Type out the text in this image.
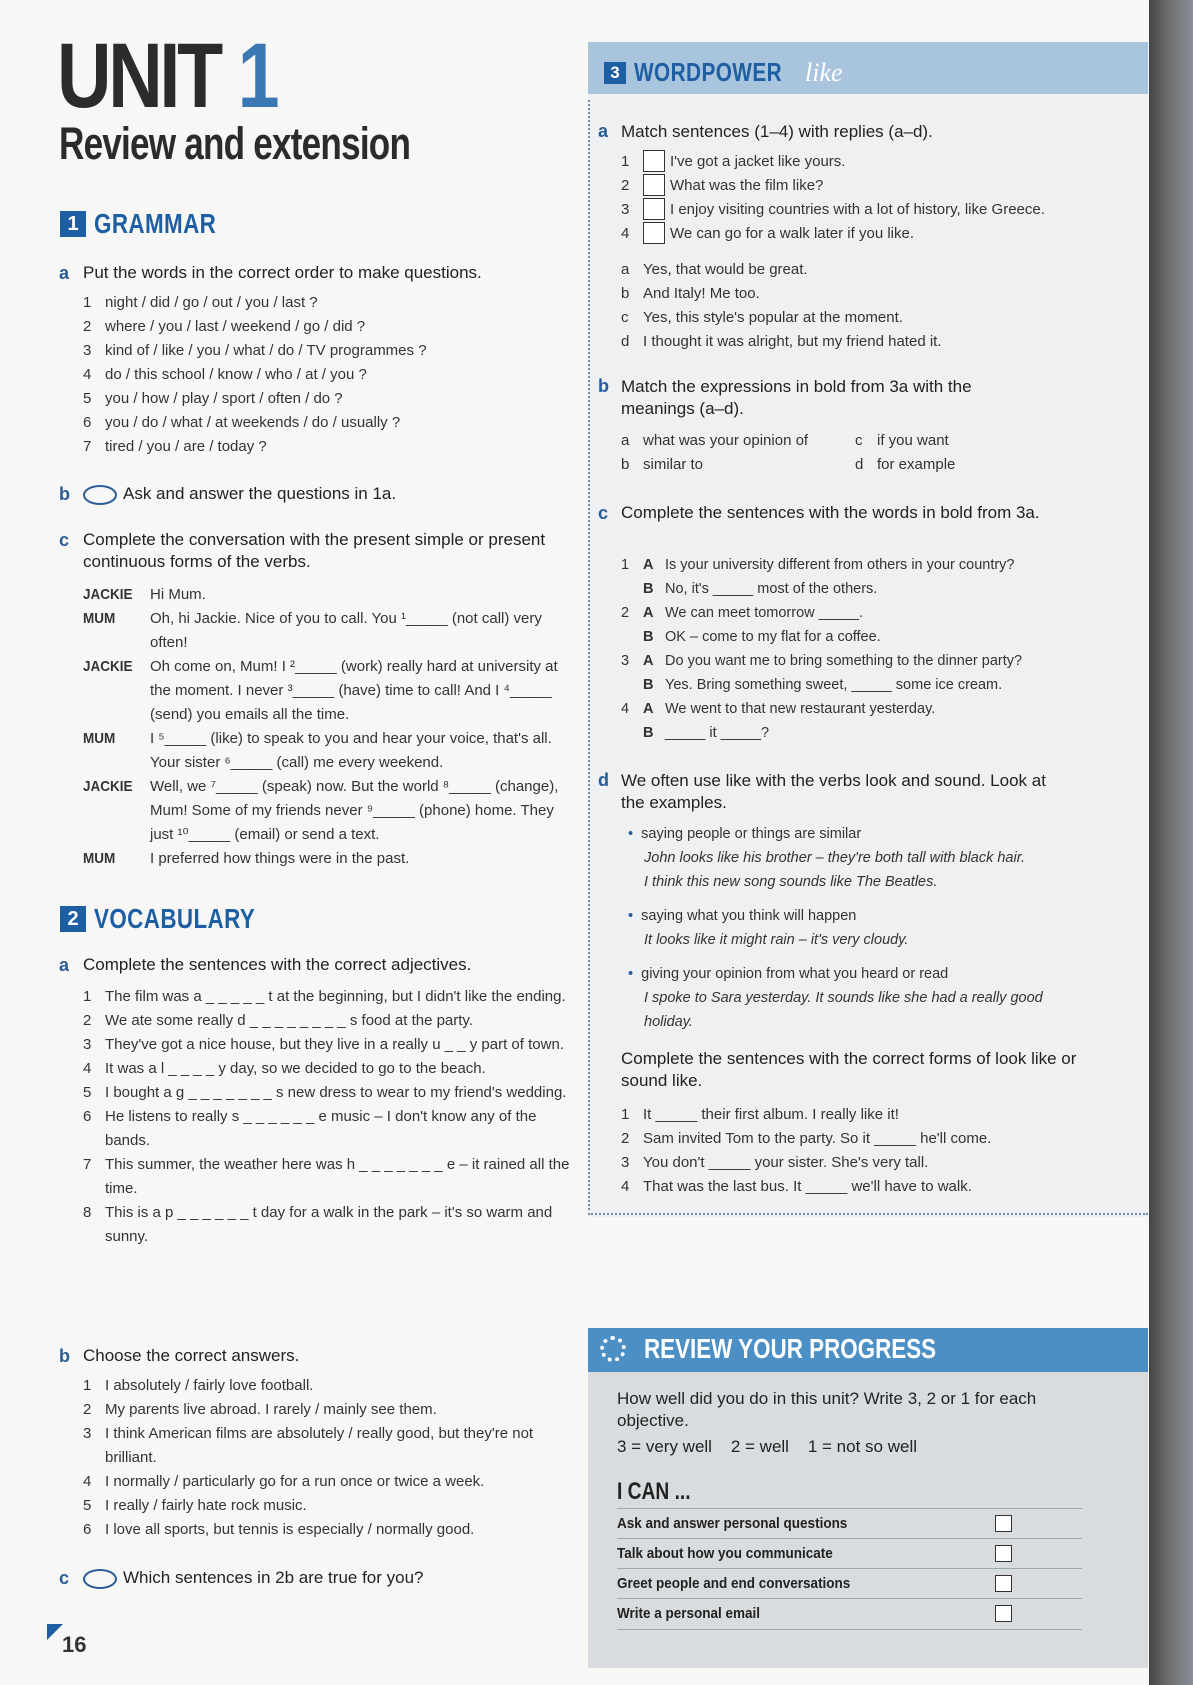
UNIT 1
Review and extension
1 GRAMMAR
a Put the words in the correct order to make questions.
1 night / did / go / out / you / last ?
2 where / you / last / weekend / go / did ?
3 kind of / like / you / what / do / TV programmes ?
4 do / this school / know / who / at / you ?
5 you / how / play / sport / often / do ?
6 you / do / what / at weekends / do / usually ?
7 tired / you / are / today ?
b	Ask and answer the questions in 1a.
c Complete the conversation with the present simple or present continuous forms of the verbs.
JACKIE	Hi Mum.
MUM	Oh, hi Jackie. Nice of you to call. You ¹_____ (not call) very often!
JACKIE	Oh come on, Mum! I ²_____ (work) really hard at university at the moment. I never ³_____ (have) time to call! And I ⁴_____ (send) you emails all the time.
MUM	I ⁵_____ (like) to speak to you and hear your voice, that's all. Your sister ⁶_____ (call) me every weekend.
JACKIE	Well, we ⁷_____ (speak) now. But the world ⁸_____ (change), Mum! Some of my friends never ⁹_____ (phone) home. They just ¹⁰_____ (email) or send a text.
MUM	I preferred how things were in the past.
2 VOCABULARY
a Complete the sentences with the correct adjectives.
1 The film was a _ _ _ _ _ t at the beginning, but I didn't like the ending.
2 We ate some really d _ _ _ _ _ _ _ _ s food at the party.
3 They've got a nice house, but they live in a really u _ _ y part of town.
4 It was a l _ _ _ _ y day, so we decided to go to the beach.
5 I bought a g _ _ _ _ _ _ _ s new dress to wear to my friend's wedding.
6 He listens to really s _ _ _ _ _ _ e music – I don't know any of the bands.
7 This summer, the weather here was h _ _ _ _ _ _ _ e – it rained all the time.
8 This is a p _ _ _ _ _ _ t day for a walk in the park – it's so warm and sunny.
b Choose the correct answers.
1 I absolutely / fairly love football.
2 My parents live abroad. I rarely / mainly see them.
3 I think American films are absolutely / really good, but they're not brilliant.
4 I normally / particularly go for a run once or twice a week.
5 I really / fairly hate rock music.
6 I love all sports, but tennis is especially / normally good.
c	Which sentences in 2b are true for you?
16
3 WORDPOWER like
a Match sentences (1–4) with replies (a–d).
1	I've got a jacket like yours.
2	What was the film like?
3	I enjoy visiting countries with a lot of history, like Greece.
4	We can go for a walk later if you like.
a Yes, that would be great.
b And Italy! Me too.
c Yes, this style's popular at the moment.
d I thought it was alright, but my friend hated it.
b Match the expressions in bold from 3a with the meanings (a–d).
a what was your opinion of	c if you want
b similar to	d for example
c Complete the sentences with the words in bold from 3a.
1 A Is your university different from others in your country?
B No, it's _____ most of the others.
2 A We can meet tomorrow _____.
B OK – come to my flat for a coffee.
3 A Do you want me to bring something to the dinner party?
B Yes. Bring something sweet, _____ some ice cream.
4 A We went to that new restaurant yesterday.
B _____ it _____?
d We often use like with the verbs look and sound. Look at the examples.
• saying people or things are similar
John looks like his brother – they're both tall with black hair.
I think this new song sounds like The Beatles.
• saying what you think will happen
It looks like it might rain – it's very cloudy.
• giving your opinion from what you heard or read
I spoke to Sara yesterday. It sounds like she had a really good holiday.
Complete the sentences with the correct forms of look like or sound like.
1 It _____ their first album. I really like it!
2 Sam invited Tom to the party. So it _____ he'll come.
3 You don't _____ your sister. She's very tall.
4 That was the last bus. It _____ we'll have to walk.
REVIEW YOUR PROGRESS
How well did you do in this unit? Write 3, 2 or 1 for each objective.
3 = very well    2 = well    1 = not so well
I CAN ...
Ask and answer personal questions
Talk about how you communicate
Greet people and end conversations
Write a personal email
